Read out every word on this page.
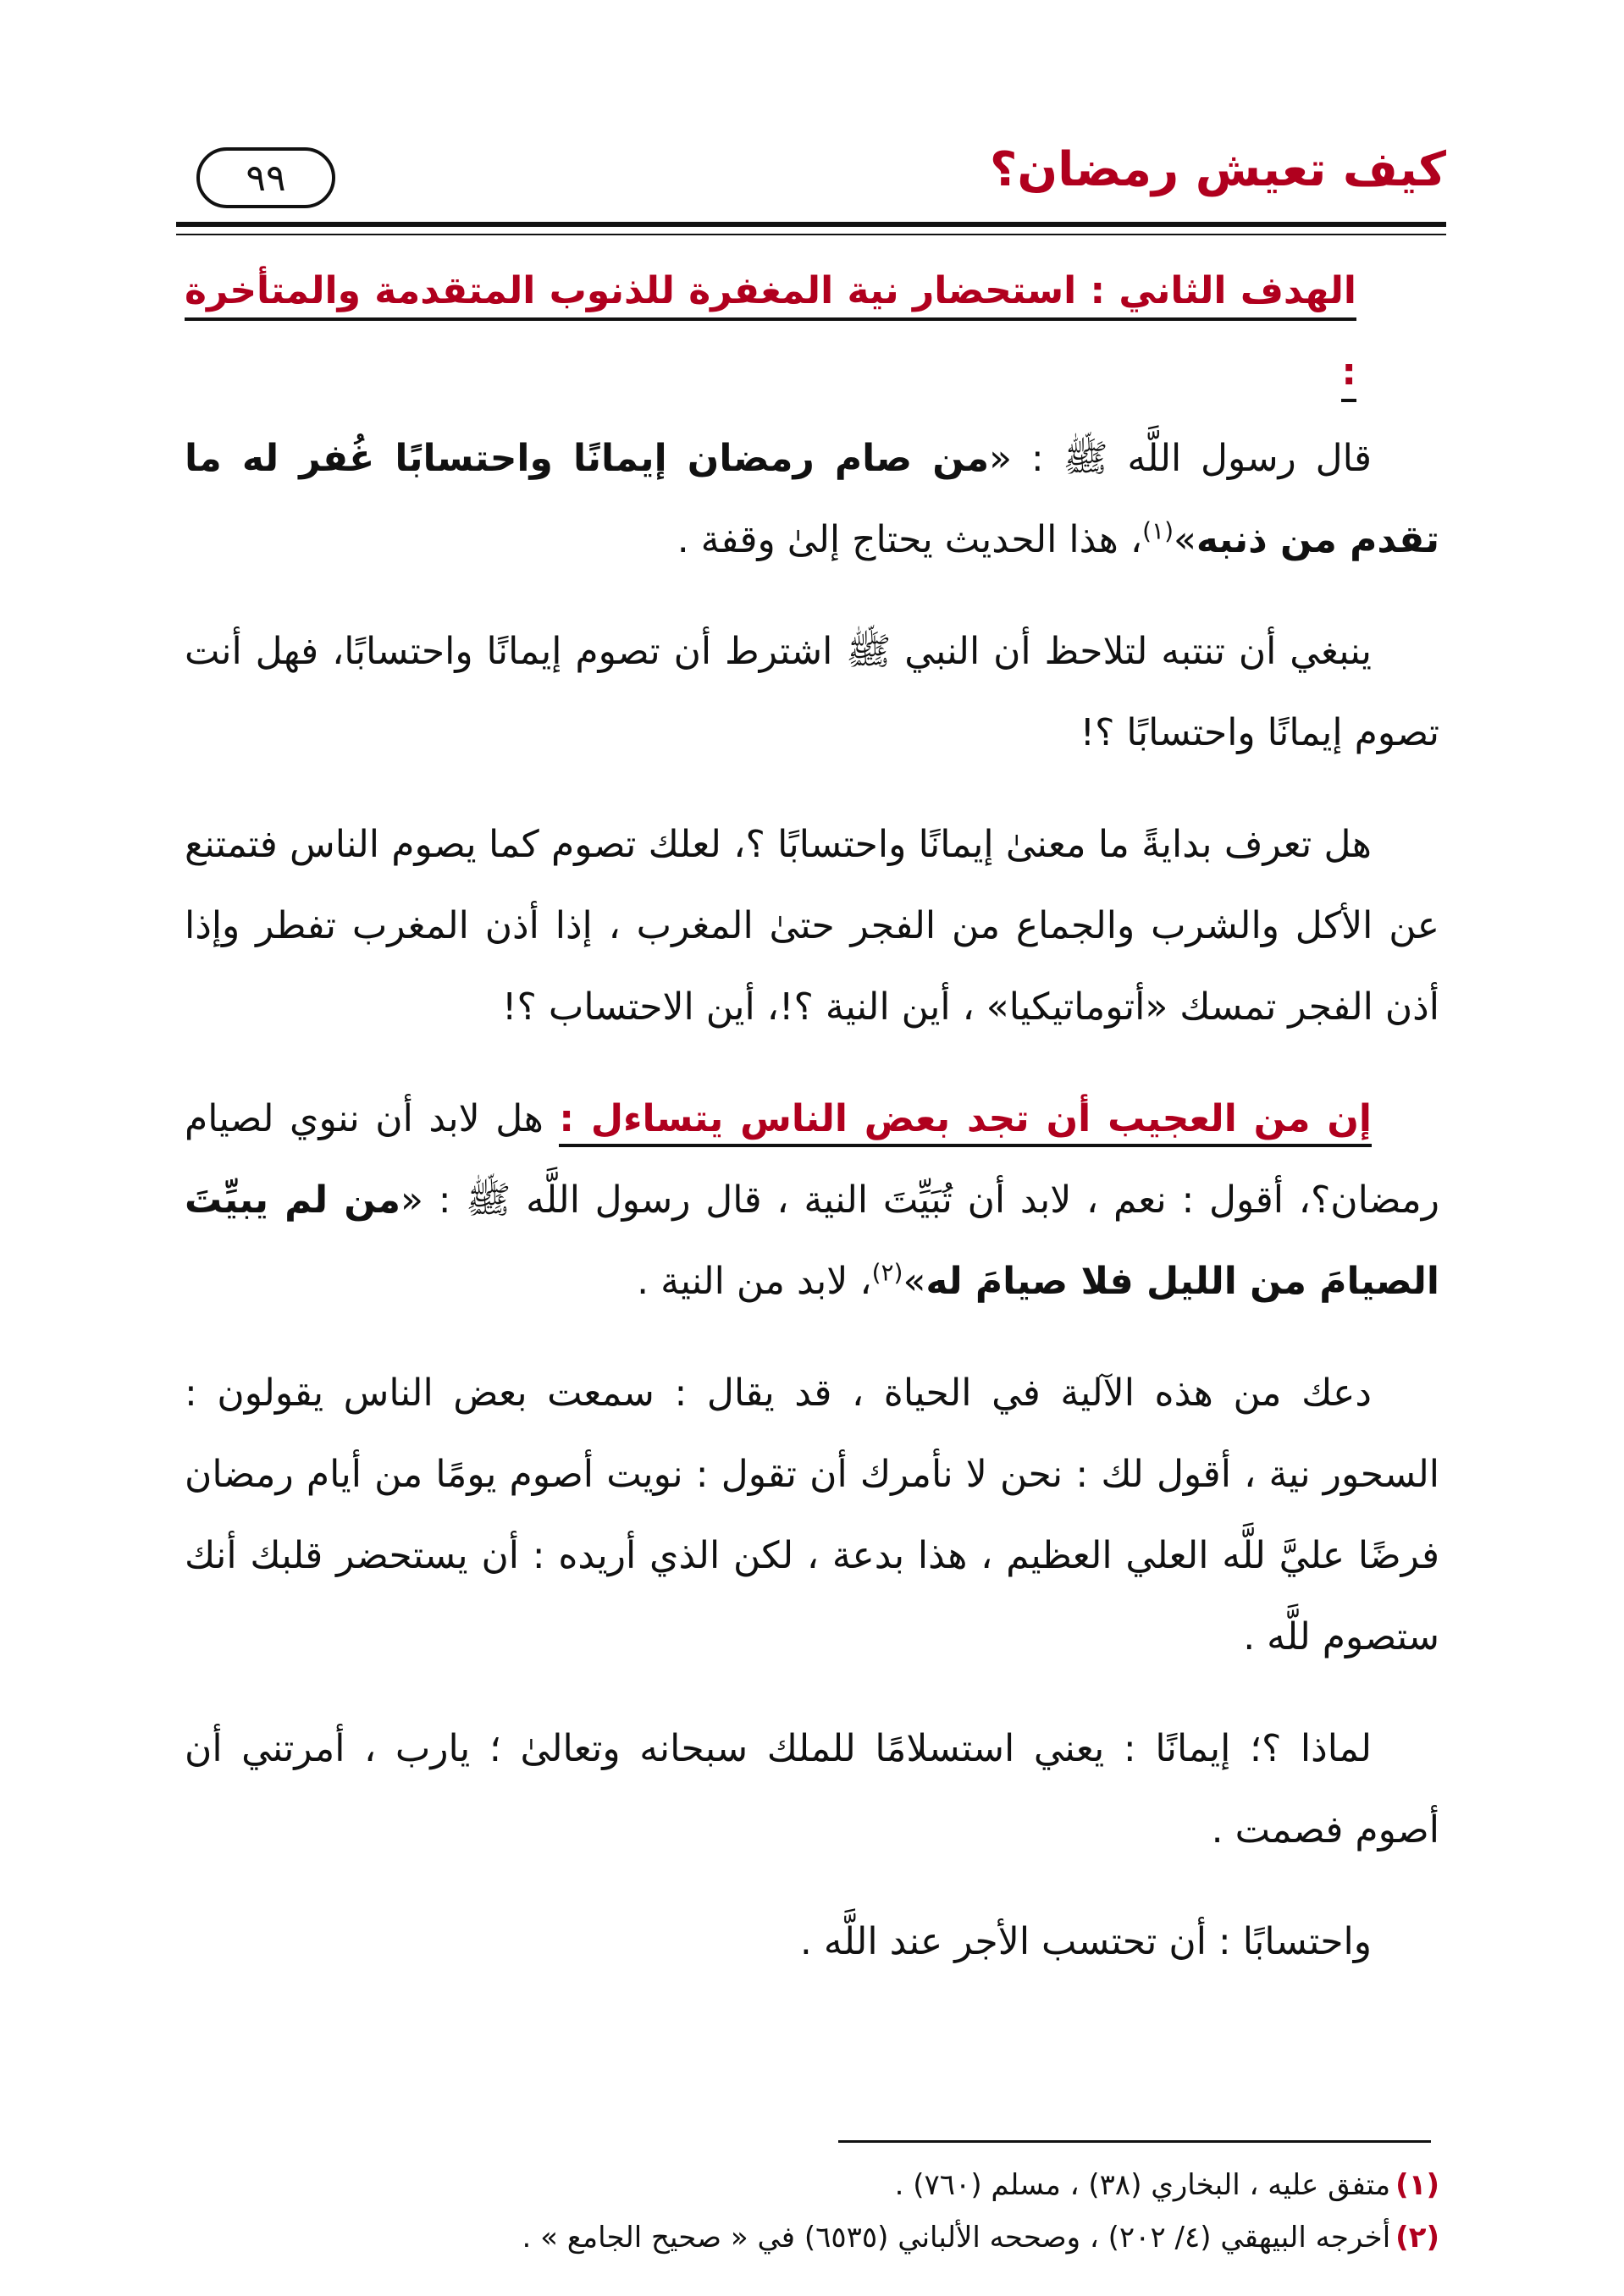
كيف تعيش رمضان؟
٩٩
الهدف الثاني : استحضار نية المغفرة للذنوب المتقدمة والمتأخرة :

قال رسول اللَّه ﷺ : «من صام رمضان إيمانًا واحتسابًا غُفر له ما تقدم من ذنبه»$^{(١)}$، هذا الحديث يحتاج إلىٰ وقفة .

ينبغي أن تنتبه لتلاحظ أن النبي ﷺ اشترط أن تصوم إيمانًا واحتسابًا، فهل أنت تصوم إيمانًا واحتسابًا ؟!

هل تعرف بدايةً ما معنىٰ إيمانًا واحتسابًا ؟، لعلك تصوم كما يصوم الناس فتمتنع عن الأكل والشرب والجماع من الفجر حتىٰ المغرب ، إذا أذن المغرب تفطر وإذا أذن الفجر تمسك «أتوماتيكيا» ، أين النية ؟!، أين الاحتساب ؟!

إن من العجيب أن تجد بعض الناس يتساءل : هل لابد أن ننوي لصيام رمضان؟، أقول : نعم ، لابد أن تُبَيِّتَ النية ، قال رسول اللَّه ﷺ : «من لم يبيِّتَ الصيامَ من الليل فلا صيامَ له»$^{(٢)}$، لابد من النية .

دعك من هذه الآلية في الحياة ، قد يقال : سمعت بعض الناس يقولون : السحور نية ، أقول لك : نحن لا نأمرك أن تقول : نويت أصوم يومًا من أيام رمضان فرضًا عليَّ للَّه العلي العظيم ، هذا بدعة ، لكن الذي أريده : أن يستحضر قلبك أنك ستصوم للَّه .

لماذا ؟؛ إيمانًا : يعني استسلامًا للملك سبحانه وتعالىٰ ؛ يارب ، أمرتني أن أصوم فصمت .

واحتسابًا : أن تحتسب الأجر عند اللَّه .

(١)متفق عليه ، البخاري (٣٨) ، مسلم (٧٦٠) .
(٢)أخرجه البيهقي (٤/ ٢٠٢) ، وصححه الألباني (٦٥٣٥) في « صحيح الجامع » .
